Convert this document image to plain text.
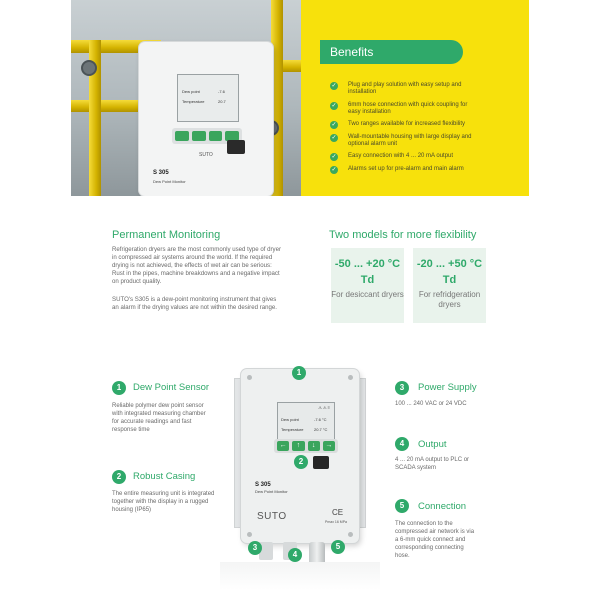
Dew point	-7.6
Temperature	20.7
SUTO
S 305
Dew Point Monitor
Benefits
✓ Plug and play solution with easy setup and installation
✓ 6mm hose connection with quick coupling for easy installation
✓ Two ranges available for increased flexibility
✓ Wall-mountable housing with large display and optional alarm unit
✓ Easy connection with 4 ... 20 mA output
✓ Alarms set up for pre-alarm and main alarm
Permanent Monitoring

Refrigeration dryers are the most commonly used type of dryer in compressed air systems around the world. If the required drying is not achieved, the effects of wet air can be serious: Rust in the pipes, machine breakdowns and a negative impact on product quality.

SUTO's S305 is a dew-point monitoring instrument that gives an alarm if the drying values are not within the desired range.

Two models for more flexibility
-50 ... +20 °C Td
For desiccant dryers
-20 ... +50 °C Td
For refridgeration dryers
⚠ ⚠ ≡
Dew point	-7.6 °C
Temperature	20.7 °C
←	↑	↓	→
S 305
Dew Point Monitor
SUTO	CE
Pmax 16 MPa
1
2
3
4
5
1	Dew Point Sensor

Reliable polymer dew point sensor with integrated measuring chamber for accurate readings and fast response time

2	Robust Casing

The entire measuring unit is integrated together with the display in a rugged housing (IP65)

3	Power Supply

100 ... 240 VAC or 24 VDC

4	Output

4 ... 20 mA output to PLC or SCADA system

5	Connection

The connection to the compressed air network is via a 6-mm quick connect and corresponding connecting hose.
